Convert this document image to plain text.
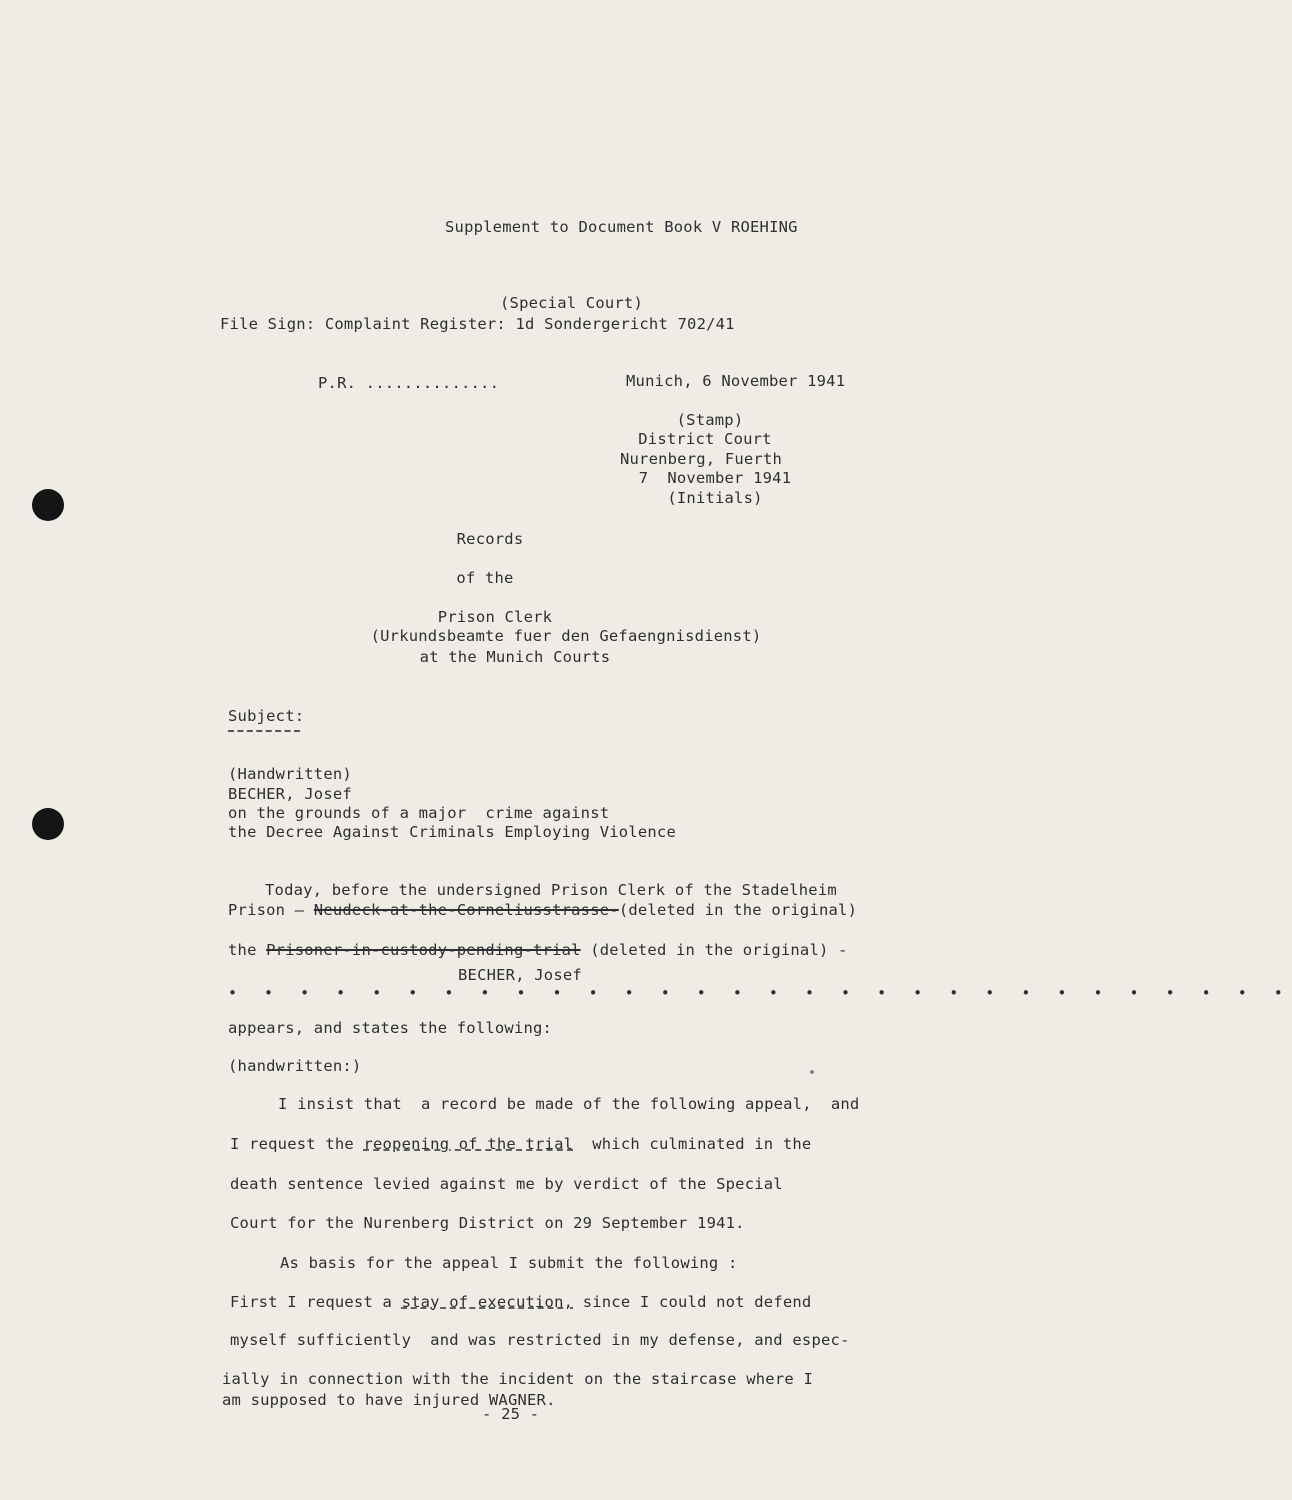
Supplement to Document Book V ROEHING
(Special Court)
File Sign: Complaint Register: 1d Sondergericht 702/41
P.R. ..............	Munich, 6 November 1941
(Stamp)
District Court
Nurenberg, Fuerth
7  November 1941
(Initials)
Records
of the
Prison Clerk
(Urkundsbeamte fuer den Gefaengnisdienst)
at the Munich Courts
Subject:
(Handwritten)
BECHER, Josef
on the grounds of a major  crime against
the Decree Against Criminals Employing Violence
Today, before the undersigned Prison Clerk of the Stadelheim
Prison — Neudeck-at-the-Corneliusstrasse-(deleted in the original)
the Prisoner-in-custody-pending-trial (deleted in the original) -
BECHER, Josef
• • • • • • • • • • • • • • • • • • • • • • • • • • • • • •
appears, and states the following:
(handwritten:)
I insist that  a record be made of the following appeal,  and
I request the reopening of the trial  which culminated in the
death sentence levied against me by verdict of the Special
Court for the Nurenberg District on 29 September 1941.
As basis for the appeal I submit the following :
First I request a stay of execution, since I could not defend
myself sufficiently  and was restricted in my defense, and espec-
ially in connection with the incident on the staircase where I
am supposed to have injured WAGNER.
- 25 -
